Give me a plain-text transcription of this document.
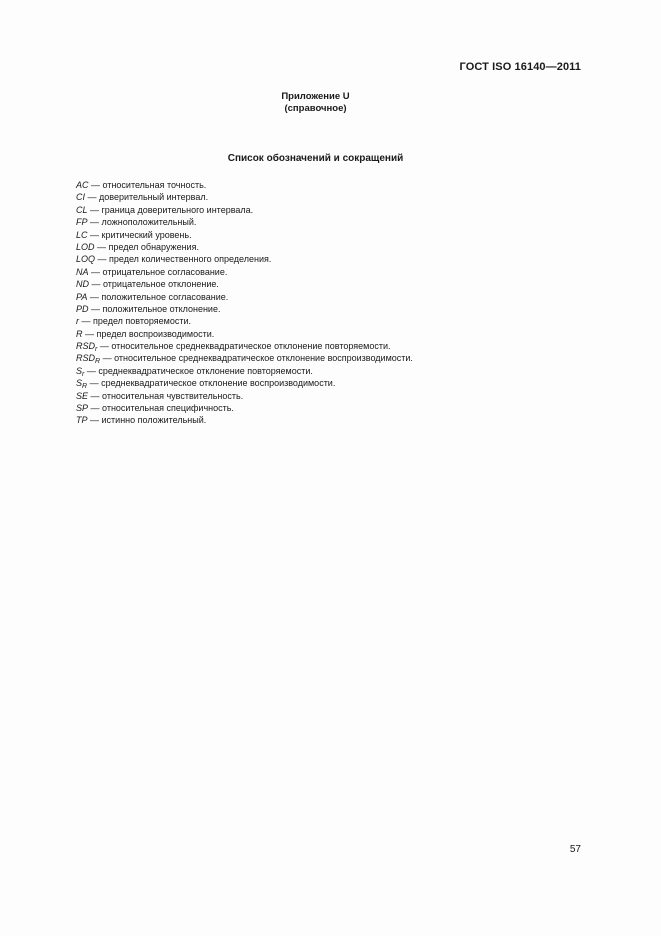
ГОСТ ISO 16140—2011
Приложение U
(справочное)
Список обозначений и сокращений
AC — относительная точность.
CI — доверительный интервал.
CL — граница доверительного интервала.
FP — ложноположительный.
LC — критический уровень.
LOD — предел обнаружения.
LOQ — предел количественного определения.
NA — отрицательное согласование.
ND — отрицательное отклонение.
PA — положительное согласование.
PD — положительное отклонение.
r — предел повторяемости.
R — предел воспроизводимости.
$RSD_r$ — относительное среднеквадратическое отклонение повторяемости.
$RSD_R$ — относительное среднеквадратическое отклонение воспроизводимости.
$S_r$ — среднеквадратическое отклонение повторяемости.
$S_R$ — среднеквадратическое отклонение воспроизводимости.
SE — относительная чувствительность.
SP — относительная специфичность.
TP — истинно положительный.
57
